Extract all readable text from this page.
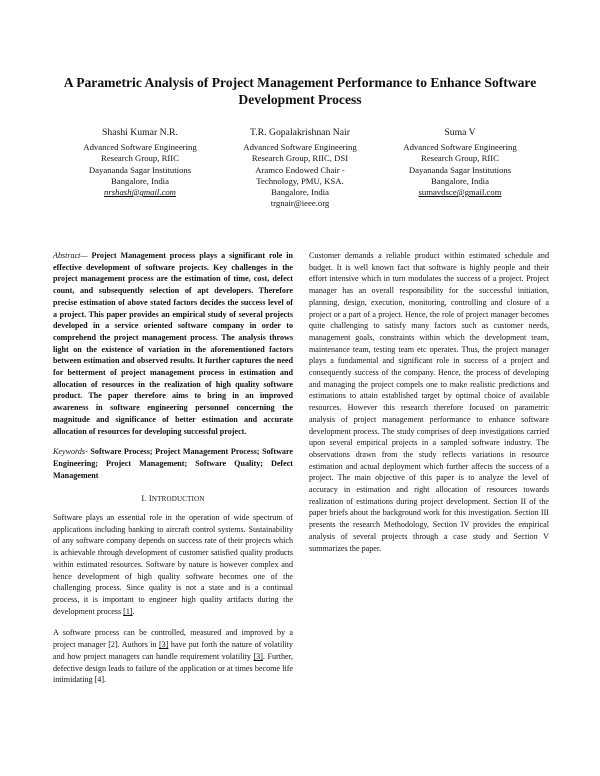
A Parametric Analysis of Project Management Performance to Enhance Software Development Process
Shashi Kumar N.R.
Advanced Software Engineering
Research Group, RIIC
Dayananda Sagar Institutions
Bangalore, India
nrshash@gmail.com
T.R. Gopalakrishnan Nair
Advanced Software Engineering
Research Group, RIIC, DSI
Aramco Endowed Chair -
Technology, PMU, KSA.
Bangalore, India
trgnair@ieee.org
Suma V
Advanced Software Engineering
Research Group, RIIC
Dayananda Sagar Institutions
Bangalore, India
sumavdsce@gmail.com

Abstract— Project Management process plays a significant role in effective development of software projects. Key challenges in the project management process are the estimation of time, cost, defect count, and subsequently selection of apt developers. Therefore precise estimation of above stated factors decides the success level of a project. This paper provides an empirical study of several projects developed in a service oriented software company in order to comprehend the project management process. The analysis throws light on the existence of variation in the aforementioned factors between estimation and observed results. It further captures the need for betterment of project management process in estimation and allocation of resources in the realization of high quality software product. The paper therefore aims to bring in an improved awareness in software engineering personnel concerning the magnitude and significance of better estimation and accurate allocation of resources for developing successful project.

Keywords- Software Process; Project Management Process; Software Engineering; Project Management; Software Quality; Defect Management

I. INTRODUCTION

Software plays an essential role in the operation of wide spectrum of applications including banking to aircraft control systems. Sustainability of any software company depends on success rate of their projects which is achievable through development of customer satisfied quality products within estimated resources. Software by nature is however complex and hence development of high quality software becomes one of the challenging process. Since quality is not a state and is a continual process, it is important to engineer high quality artifacts during the development process [1].

A software process can be controlled, measured and improved by a project manager [2]. Authors in [3] have put forth the nature of volatility and how project managers can handle requirement volatility [3]. Further, defective design leads to failure of the application or at times become life intimidating [4].

Customer demands a reliable product within estimated schedule and budget. It is well known fact that software is highly people and their effort intensive which in turn modulates the success of a project. Project manager has an overall responsibility for the successful initiation, planning, design, execution, monitoring, controlling and closure of a project or a part of a project. Hence, the role of project manager becomes quite challenging to satisfy many factors such as customer needs, management goals, constraints within which the development team, maintenance team, testing team etc operates. Thus, the project manager plays a fundamental and significant role in success of a project and consequently success of the company. Hence, the process of developing and managing the project compels one to make realistic predictions and estimations to attain established target by optimal choice of available resources. However this research therefore focused on parametric analysis of project management performance to enhance software development process. The study comprises of deep investigations carried upon several empirical projects in a sampled software industry. The observations drawn from the study reflects variations in resource estimation and actual deployment which further affects the success of a project. The main objective of this paper is to analyze the level of accuracy in estimation and right allocation of resources towards realization of estimations during project development. Section II of the paper briefs about the background work for this investigation. Section III presents the research Methodology, Section IV provides the empirical analysis of several projects through a case study and Section V summarizes the paper.
